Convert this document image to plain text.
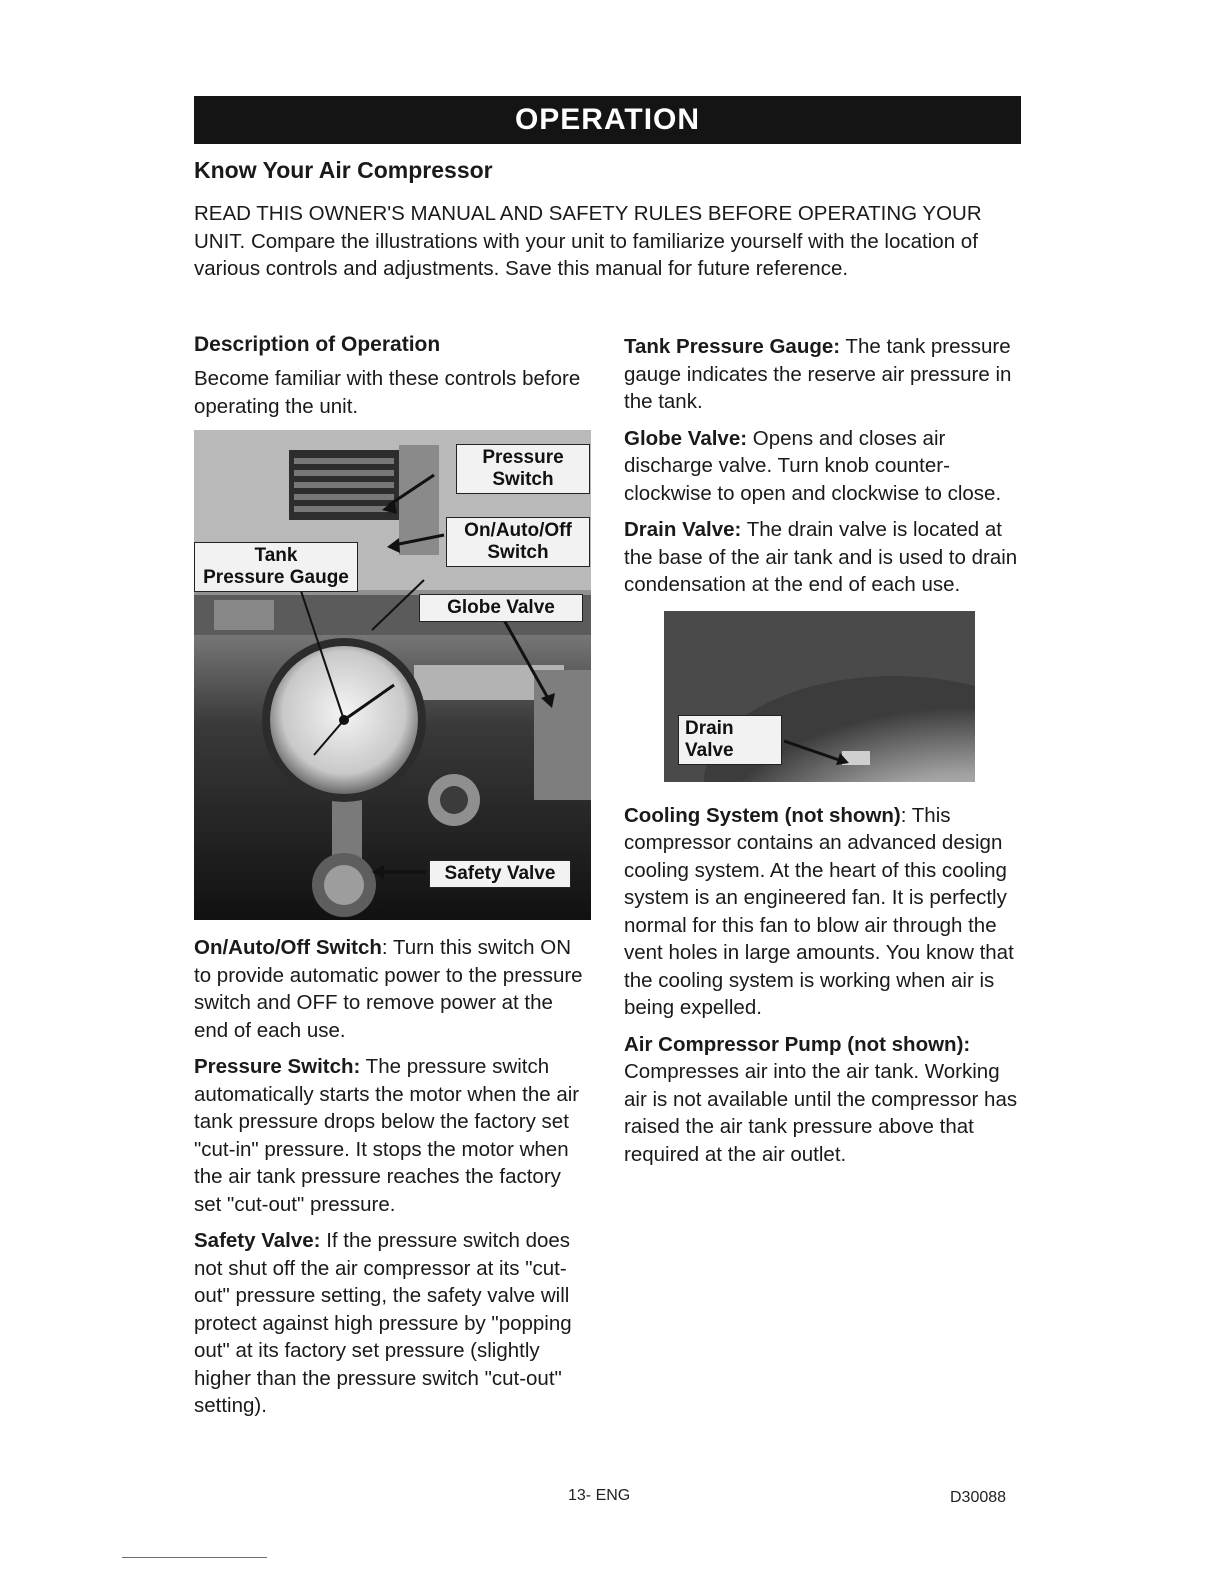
OPERATION
Know Your Air Compressor

READ THIS OWNER'S MANUAL AND SAFETY RULES BEFORE OPERATING YOUR UNIT. Compare the illustrations with your unit to familiarize yourself with the location of various controls and adjustments. Save this manual for future reference.

Description of Operation

Become familiar with these controls before operating the unit.

Pressure
Switch
On/Auto/Off
Switch
Tank
Pressure Gauge
Globe Valve
Safety Valve

On/Auto/Off Switch: Turn this switch ON to provide automatic power to the pressure switch and OFF to remove power at the end of each use.

Pressure Switch: The pressure switch automatically starts the motor when the air tank pressure drops below the factory set "cut-in" pressure. It stops the motor when the air tank pressure reaches the factory set "cut-out" pressure.

Safety Valve: If the pressure switch does not shut off the air compressor at its "cut-out" pressure setting, the safety valve will protect against high pressure by "popping out" at its factory set pressure (slightly higher than the pressure switch "cut-out" setting).

Tank Pressure Gauge: The tank pressure gauge indicates the reserve air pressure in the tank.

Globe Valve: Opens and closes air discharge valve. Turn knob counter-clockwise to open and clockwise to close.

Drain Valve: The drain valve is located at the base of the air tank and is used to drain condensation at the end of each use.

Drain
Valve

Cooling System (not shown): This compressor contains an advanced design cooling system. At the heart of this cooling system is an engineered fan. It is perfectly normal for this fan to blow air through the vent holes in large amounts. You know that the cooling system is working when air is being expelled.

Air Compressor Pump (not shown): Compresses air into the air tank. Working air is not available until the compressor has raised the air tank pressure above that required at the air outlet.

13- ENG	D30088
